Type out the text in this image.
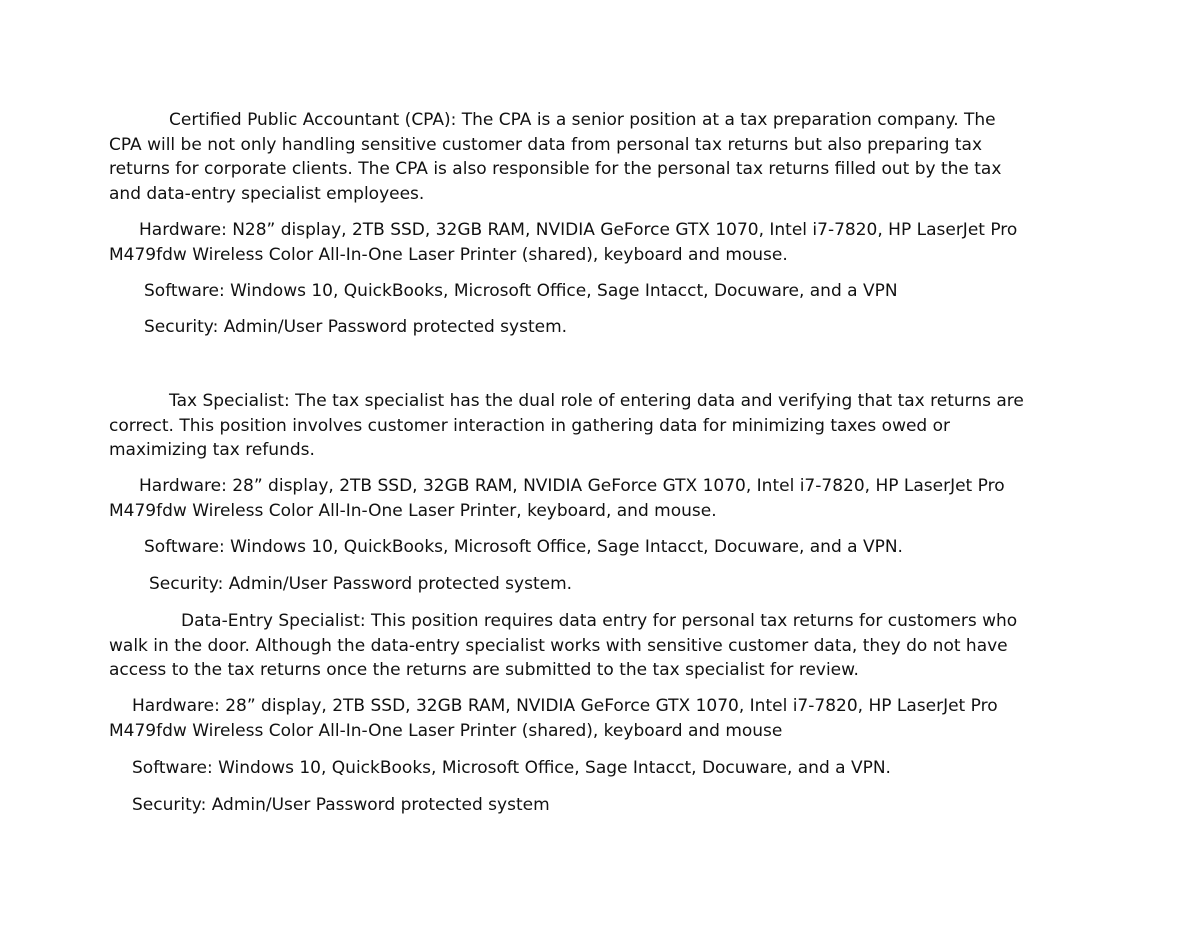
Certified Public Accountant (CPA): The CPA is a senior position at a tax preparation company. The
CPA will be not only handling sensitive customer data from personal tax returns but also preparing tax
returns for corporate clients. The CPA is also responsible for the personal tax returns filled out by the tax
and data-entry specialist employees.
Hardware: N28” display, 2TB SSD, 32GB RAM, NVIDIA GeForce GTX 1070, Intel i7-7820, HP LaserJet Pro
M479fdw Wireless Color All-In-One Laser Printer (shared), keyboard and mouse.
Software: Windows 10, QuickBooks, Microsoft Office, Sage Intacct, Docuware, and a VPN
Security: Admin/User Password protected system.
Tax Specialist: The tax specialist has the dual role of entering data and verifying that tax returns are
correct. This position involves customer interaction in gathering data for minimizing taxes owed or
maximizing tax refunds.
Hardware: 28” display, 2TB SSD, 32GB RAM, NVIDIA GeForce GTX 1070, Intel i7-7820, HP LaserJet Pro
M479fdw Wireless Color All-In-One Laser Printer, keyboard, and mouse.
Software: Windows 10, QuickBooks, Microsoft Office, Sage Intacct, Docuware, and a VPN.
Security: Admin/User Password protected system.
Data-Entry Specialist: This position requires data entry for personal tax returns for customers who
walk in the door. Although the data-entry specialist works with sensitive customer data, they do not have
access to the tax returns once the returns are submitted to the tax specialist for review.
Hardware: 28” display, 2TB SSD, 32GB RAM, NVIDIA GeForce GTX 1070, Intel i7-7820, HP LaserJet Pro
M479fdw Wireless Color All-In-One Laser Printer (shared), keyboard and mouse
Software: Windows 10, QuickBooks, Microsoft Office, Sage Intacct, Docuware, and a VPN.
Security: Admin/User Password protected system
